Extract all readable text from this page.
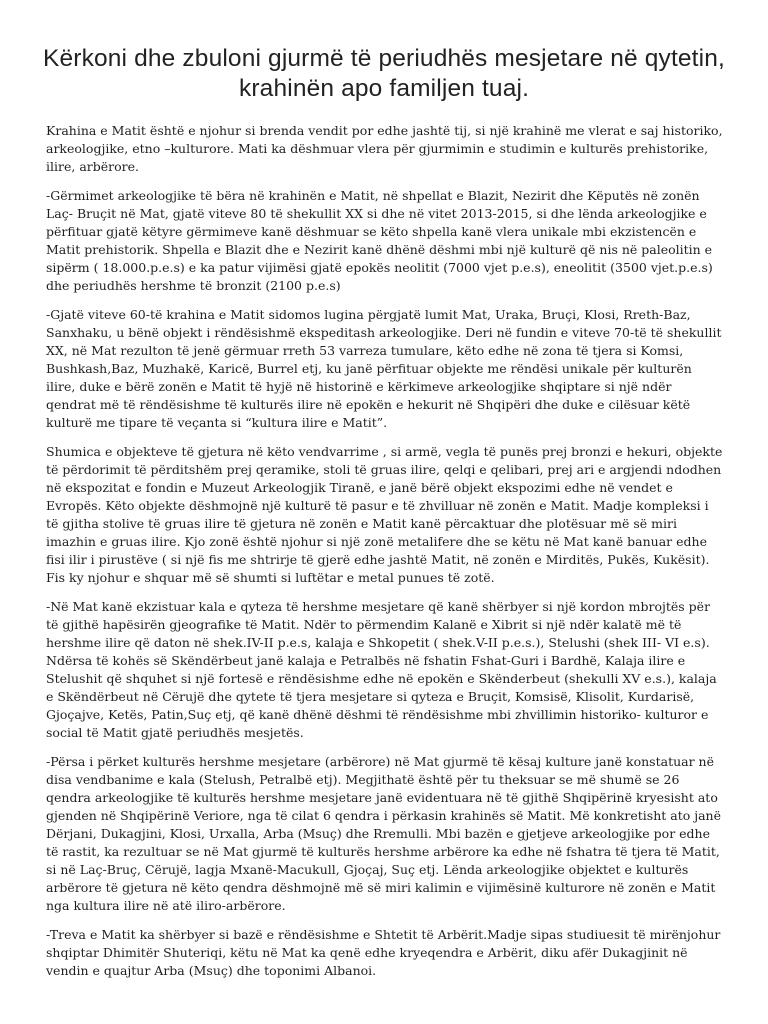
Kërkoni dhe zbuloni gjurmë të periudhës mesjetare në qytetin, krahinën apo familjen tuaj.

Krahina e Matit është e njohur si brenda vendit por edhe jashtë tij, si një krahinë me vlerat e saj historiko, arkeologjike, etno –kulturore. Mati ka dëshmuar vlera për gjurmimin e studimin e kulturës prehistorike, ilire, arbërore.

-Gërmimet arkeologjike të bëra në krahinën e Matit, në shpellat e Blazit, Nezirit dhe Këputës në zonën Laç- Bruçit në Mat, gjatë viteve 80 të shekullit XX si dhe në vitet 2013-2015, si dhe lënda arkeologjike e përfituar gjatë këtyre gërmimeve kanë dëshmuar se këto shpella kanë vlera unikale mbi ekzistencën e Matit prehistorik. Shpella e Blazit dhe e Nezirit kanë dhënë dëshmi mbi një kulturë që nis në paleolitin e sipërm ( 18.000.p.e.s) e ka patur vijimësi gjatë epokës neolitit (7000 vjet p.e.s), eneolitit (3500 vjet.p.e.s) dhe periudhës hershme të bronzit (2100 p.e.s)

-Gjatë viteve 60-të krahina e Matit sidomos lugina përgjatë lumit Mat, Uraka, Bruçi, Klosi, Rreth-Baz, Sanxhaku, u bënë objekt i rëndësishmë ekspeditash arkeologjike. Deri në fundin e viteve 70-të të shekullit XX, në Mat rezulton të jenë gërmuar rreth 53 varreza tumulare, këto edhe në zona të tjera si Komsi, Bushkash,Baz, Muzhakë, Karicë, Burrel etj, ku janë përfituar objekte me rëndësi unikale për kulturën ilire, duke e bërë zonën e Matit të hyjë në historinë e kërkimeve arkeologjike shqiptare si një ndër qendrat më të rëndësishme të kulturës ilire në epokën e hekurit në Shqipëri dhe duke e cilësuar këtë kulturë me tipare të veçanta si “kultura ilire e Matit”.

Shumica e objekteve të gjetura në këto vendvarrime , si armë, vegla të punës prej bronzi e hekuri, objekte të përdorimit të përditshëm prej qeramike, stoli të gruas ilire, qelqi e qelibari, prej ari e argjendi ndodhen në ekspozitat e fondin e Muzeut Arkeologjik Tiranë, e janë bërë objekt ekspozimi edhe në vendet e Evropës. Këto objekte dëshmojnë një kulturë të pasur e të zhvilluar në zonën e Matit. Madje kompleksi i të gjitha stolive të gruas ilire të gjetura në zonën e Matit kanë përcaktuar dhe plotësuar më së miri imazhin e gruas ilire. Kjo zonë është njohur si një zonë metalifere dhe se këtu në Mat kanë banuar edhe fisi ilir i pirustëve ( si një fis me shtrirje të gjerë edhe jashtë Matit, në zonën e Mirditës, Pukës, Kukësit). Fis ky njohur e shquar më së shumti si luftëtar e metal punues të zotë.

-Në Mat kanë ekzistuar kala e qyteza të hershme mesjetare që kanë shërbyer si një kordon mbrojtës për të gjithë hapësirën gjeografike të Matit. Ndër to përmendim Kalanë e Xibrit si një ndër kalatë më të hershme ilire që daton në shek.IV-II p.e.s, kalaja e Shkopetit ( shek.V-II p.e.s.), Stelushi (shek III- VI e.s). Ndërsa të kohës së Skëndërbeut janë kalaja e Petralbës në fshatin Fshat-Guri i Bardhë, Kalaja ilire e Stelushit që shquhet si një fortesë e rëndësishme edhe në epokën e Skënderbeut (shekulli XV e.s.), kalaja e Skëndërbeut në Cërujë dhe qytete të tjera mesjetare si qyteza e Bruçit, Komsisë, Klisolit, Kurdarisë, Gjoçajve, Ketës, Patin,Suç etj, që kanë dhënë dëshmi të rëndësishme mbi zhvillimin historiko- kulturor e social të Matit gjatë periudhës mesjetës.

-Përsa i përket kulturës hershme mesjetare (arbërore) në Mat gjurmë të kësaj kulture janë konstatuar në disa vendbanime e kala (Stelush, Petralbë etj). Megjithatë është për tu theksuar se më shumë se 26 qendra arkeologjike të kulturës hershme mesjetare janë evidentuara në të gjithë Shqipërinë kryesisht ato gjenden në Shqipërinë Veriore, nga të cilat 6 qendra i përkasin krahinës së Matit. Më konkretisht ato janë Dërjani, Dukagjini, Klosi, Urxalla, Arba (Msuç) dhe Rremulli. Mbi bazën e gjetjeve arkeologjike por edhe të rastit, ka rezultuar se në Mat gjurmë të kulturës hershme arbërore ka edhe në fshatra të tjera të Matit, si në Laç-Bruç, Cërujë, lagja Mxanë-Macukull, Gjoçaj, Suç etj. Lënda arkeologjike objektet e kulturës arbërore të gjetura në këto qendra dëshmojnë më së miri kalimin e vijimësinë kulturore në zonën e Matit nga kultura ilire në atë iliro-arbërore.

-Treva e Matit ka shërbyer si bazë e rëndësishme e Shtetit të Arbërit.Madje sipas studiuesit të mirënjohur shqiptar Dhimitër Shuteriqi, këtu në Mat ka qenë edhe kryeqendra e Arbërit, diku afër Dukagjinit në vendin e quajtur Arba (Msuç) dhe toponimi Albanoi.
